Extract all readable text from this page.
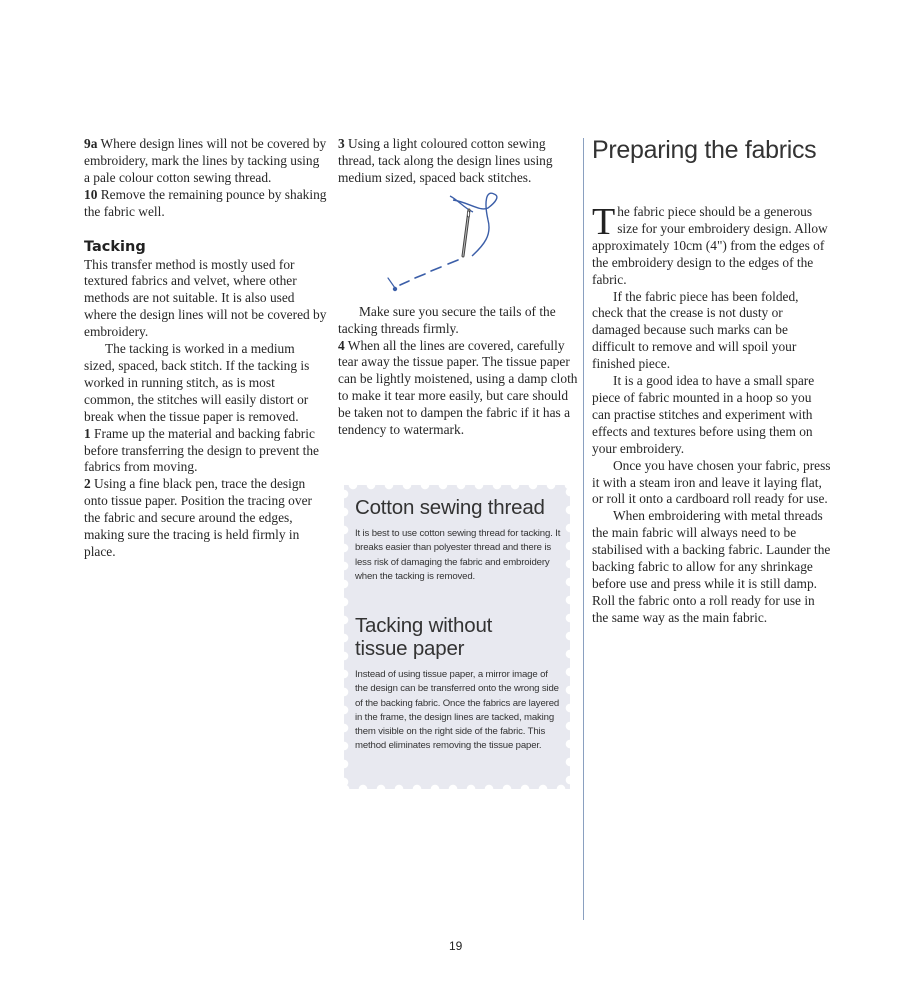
9a Where design lines will not be covered by embroidery, mark the lines by tacking using a pale colour cotton sewing thread.

10 Remove the remaining pounce by shaking the fabric well.

Tacking

This transfer method is mostly used for textured fabrics and velvet, where other methods are not suitable. It is also used where the design lines will not be covered by embroidery.

The tacking is worked in a medium sized, spaced, back stitch. If the tacking is worked in running stitch, as is most common, the stitches will easily distort or break when the tissue paper is removed.

1 Frame up the material and backing fabric before transferring the design to prevent the fabrics from moving.

2 Using a fine black pen, trace the design onto tissue paper. Position the tracing over the fabric and secure around the edges, making sure the tracing is held firmly in place.

3 Using a light coloured cotton sewing thread, tack along the design lines using medium sized, spaced back stitches.

Make sure you secure the tails of the tacking threads firmly.

4 When all the lines are covered, carefully tear away the tissue paper. The tissue paper can be lightly moistened, using a damp cloth to make it tear more easily, but care should be taken not to dampen the fabric if it has a tendency to watermark.

Cotton sewing thread

It is best to use cotton sewing thread for tacking. It breaks easier than polyester thread and there is less risk of damaging the fabric and embroidery when the tacking is removed.

Tacking without tissue paper

Instead of using tissue paper, a mirror image of the design can be transferred onto the wrong side of the backing fabric. Once the fabrics are layered in the frame, the design lines are tacked, making them visible on the right side of the fabric. This method eliminates removing the tissue paper.

Preparing the fabrics

The fabric piece should be a generous size for your embroidery design. Allow approximately 10cm (4") from the edges of the embroidery design to the edges of the fabric.

If the fabric piece has been folded, check that the crease is not dusty or damaged because such marks can be difficult to remove and will spoil your finished piece.

It is a good idea to have a small spare piece of fabric mounted in a hoop so you can practise stitches and experiment with effects and textures before using them on your embroidery.

Once you have chosen your fabric, press it with a steam iron and leave it laying flat, or roll it onto a cardboard roll ready for use.

When embroidering with metal threads the main fabric will always need to be stabilised with a backing fabric. Launder the backing fabric to allow for any shrinkage before use and press while it is still damp. Roll the fabric onto a roll ready for use in the same way as the main fabric.

19
